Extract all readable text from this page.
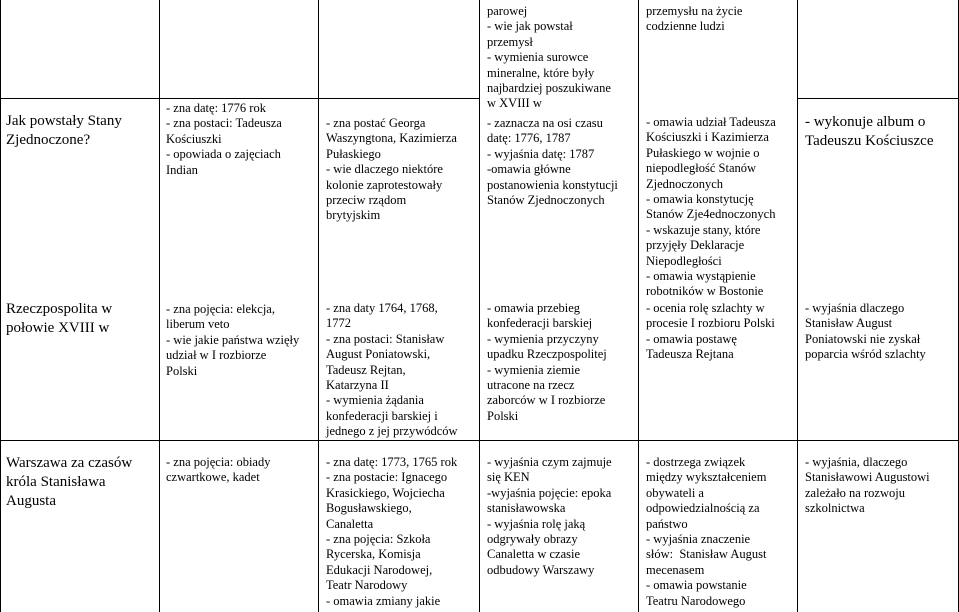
Jak powstały Stany
Zjednoczone?
- zna datę: 1776 rok
- zna postaci: Tadeusza
Kościuszki
- opowiada o zajęciach
Indian
- zna postać Georga
Waszyngtona, Kazimierza
Pułaskiego
- wie dlaczego niektóre
kolonie zaprotestowały
przeciw rządom
brytyjskim
parowej
- wie jak powstał
przemysł
- wymienia surowce
mineralne, które były
najbardziej poszukiwane
w XVIII w
- zaznacza na osi czasu
datę: 1776, 1787
- wyjaśnia datę: 1787
-omawia główne
postanowienia konstytucji
Stanów Zjednoczonych
przemysłu na życie
codzienne ludzi
- omawia udział Tadeusza
Kościuszki i Kazimierza
Pułaskiego w wojnie o
niepodległość Stanów
Zjednoczonych
- omawia konstytucję
Stanów Zje4ednoczonych
- wskazuje stany, które
przyjęły Deklaracje
Niepodległości
- omawia wystąpienie
robotników w Bostonie
- wykonuje album o
Tadeuszu Kościuszce
Rzeczpospolita w
połowie XVIII w
- zna pojęcia: elekcja,
liberum veto
- wie jakie państwa wzięły
udział w I rozbiorze
Polski
- zna daty 1764, 1768,
1772
- zna postaci: Stanisław
August Poniatowski,
Tadeusz Rejtan,
Katarzyna II
- wymienia żądania
konfederacji barskiej i
jednego z jej przywódców
- omawia przebieg
konfederacji barskiej
- wymienia przyczyny
upadku Rzeczpospolitej
- wymienia ziemie
utracone na rzecz
zaborców w I rozbiorze
Polski
- ocenia rolę szlachty w
procesie I rozbioru Polski
- omawia postawę
Tadeusza Rejtana
- wyjaśnia dlaczego
Stanisław August
Poniatowski nie zyskał
poparcia wśród szlachty
Warszawa za czasów
króla Stanisława
Augusta
- zna pojęcia: obiady
czwartkowe, kadet
- zna datę: 1773, 1765 rok
- zna postacie: Ignacego
Krasickiego, Wojciecha
Bogusławskiego,
Canaletta
- zna pojęcia: Szkoła
Rycerska, Komisja
Edukacji Narodowej,
Teatr Narodowy
- omawia zmiany jakie
- wyjaśnia czym zajmuje
się KEN
-wyjaśnia pojęcie: epoka
stanisławowska
- wyjaśnia rolę jaką
odgrywały obrazy
Canaletta w czasie
odbudowy Warszawy
- dostrzega związek
między wykształceniem
obywateli a
odpowiedzialnością za
państwo
- wyjaśnia znaczenie
słów:  Stanisław August
mecenasem
- omawia powstanie
Teatru Narodowego
- wyjaśnia, dlaczego
Stanisławowi Augustowi
zależało na rozwoju
szkolnictwa
